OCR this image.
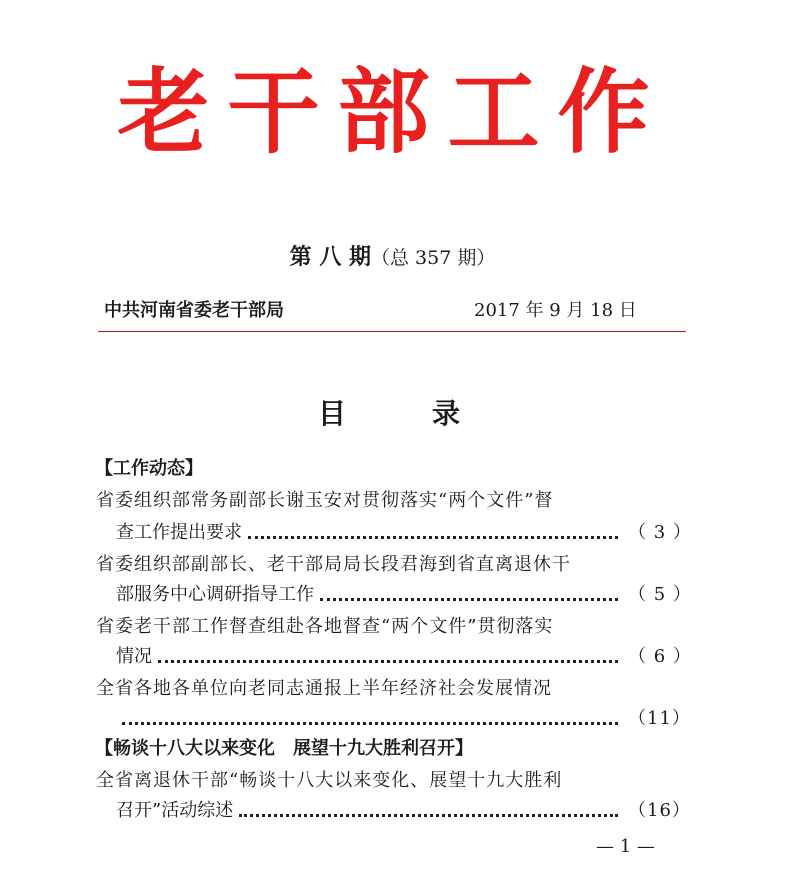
老干部工作
第 八 期（总 357 期）
中共河南省委老干部局	2017 年 9 月 18 日
目	录
【工作动态】
省委组织部常务副部长谢玉安对贯彻落实“两个文件”督
查工作提出要求	（ 3 ）
省委组织部副部长、老干部局局长段君海到省直离退休干
部服务中心调研指导工作	（ 5 ）
省委老干部工作督查组赴各地督查“两个文件”贯彻落实
情况	（ 6 ）
全省各地各单位向老同志通报上半年经济社会发展情况
（11）
【畅谈十八大以来变化　展望十九大胜利召开】
全省离退休干部“畅谈十八大以来变化、展望十九大胜利
召开”活动综述	（16）
— 1 —
